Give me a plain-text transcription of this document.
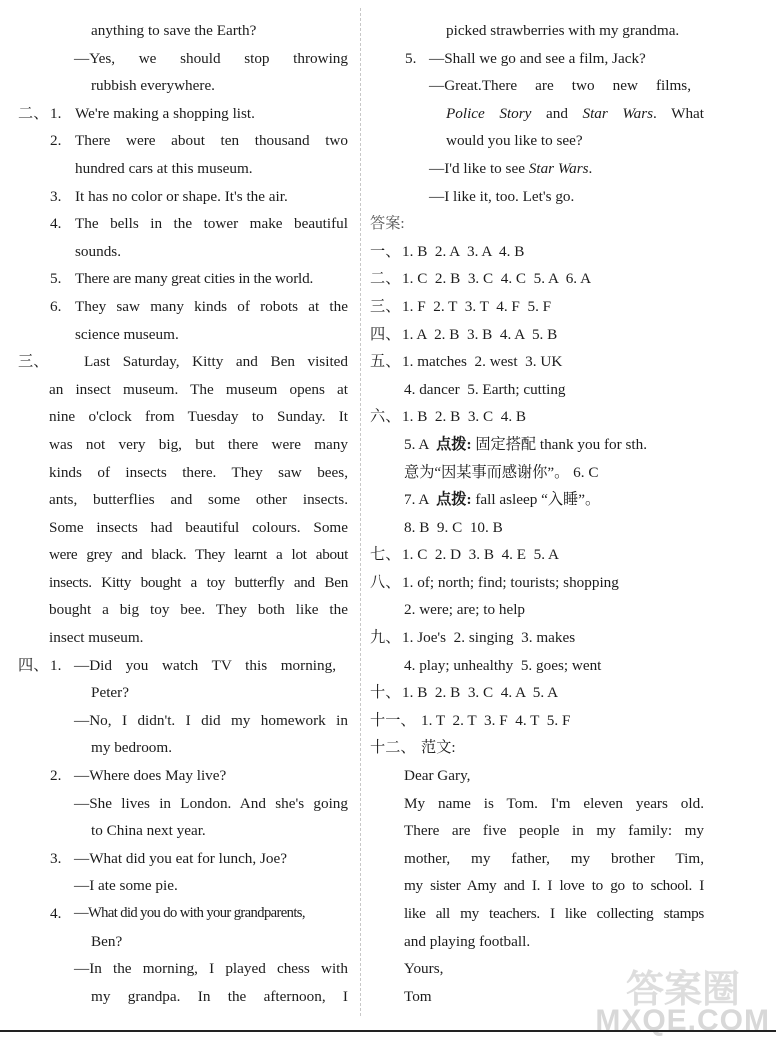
anything to save the Earth?
—Yes, we should stop throwing
rubbish everywhere.
二、 1. We're making a shopping list.
2. There were about ten thousand two
hundred cars at this museum.
3. It has no color or shape. It's the air.
4. The bells in the tower make beautiful
sounds.
5. There are many great cities in the world.
6. They saw many kinds of robots at the
science museum.
三、 Last Saturday, Kitty and Ben visited
an insect museum. The museum opens at
nine o'clock from Tuesday to Sunday. It
was not very big, but there were many
kinds of insects there. They saw bees,
ants, butterflies and some other insects.
Some insects had beautiful colours. Some
were grey and black. They learnt a lot about
insects. Kitty bought a toy butterfly and Ben
bought a big toy bee. They both like the
insect museum.
四、 1. —Did you watch TV this morning,
Peter?
—No, I didn't. I did my homework in
my bedroom.
2. —Where does May live?
—She lives in London. And she's going
to China next year.
3. —What did you eat for lunch, Joe?
—I ate some pie.
4. —What did you do with your grandparents,
Ben?
—In the morning, I played chess with
my grandpa. In the afternoon, I
picked strawberries with my grandma.
5. —Shall we go and see a film, Jack?
—Great.There are two new films,
Police Story and Star Wars. What
would you like to see?
—I'd like to see Star Wars.
—I like it, too. Let's go.
答案:
一、 1. B  2. A  3. A  4. B
二、 1. C  2. B  3. C  4. C  5. A  6. A
三、 1. F  2. T  3. T  4. F  5. F
四、 1. A  2. B  3. B  4. A  5. B
五、 1. matches  2. west  3. UK
4. dancer  5. Earth; cutting
六、 1. B  2. B  3. C  4. B
5. A  点拨: 固定搭配 thank you for sth.
意为“因某事而感谢你”。 6. C
7. A  点拨: fall asleep “入睡”。
8. B  9. C  10. B
七、 1. C  2. D  3. B  4. E  5. A
八、 1. of; north; find; tourists; shopping
2. were; are; to help
九、 1. Joe's  2. singing  3. makes
4. play; unhealthy  5. goes; went
十、 1. B  2. B  3. C  4. A  5. A
十一、 1. T  2. T  3. F  4. T  5. F
十二、 范文:
Dear Gary,
My name is Tom. I'm eleven years old.
There are five people in my family: my
mother, my father, my brother Tim,
my sister Amy and I. I love to go to school. I
like all my teachers. I like collecting stamps
and playing football.
Yours,
Tom	答案圈
MXQE.COM
